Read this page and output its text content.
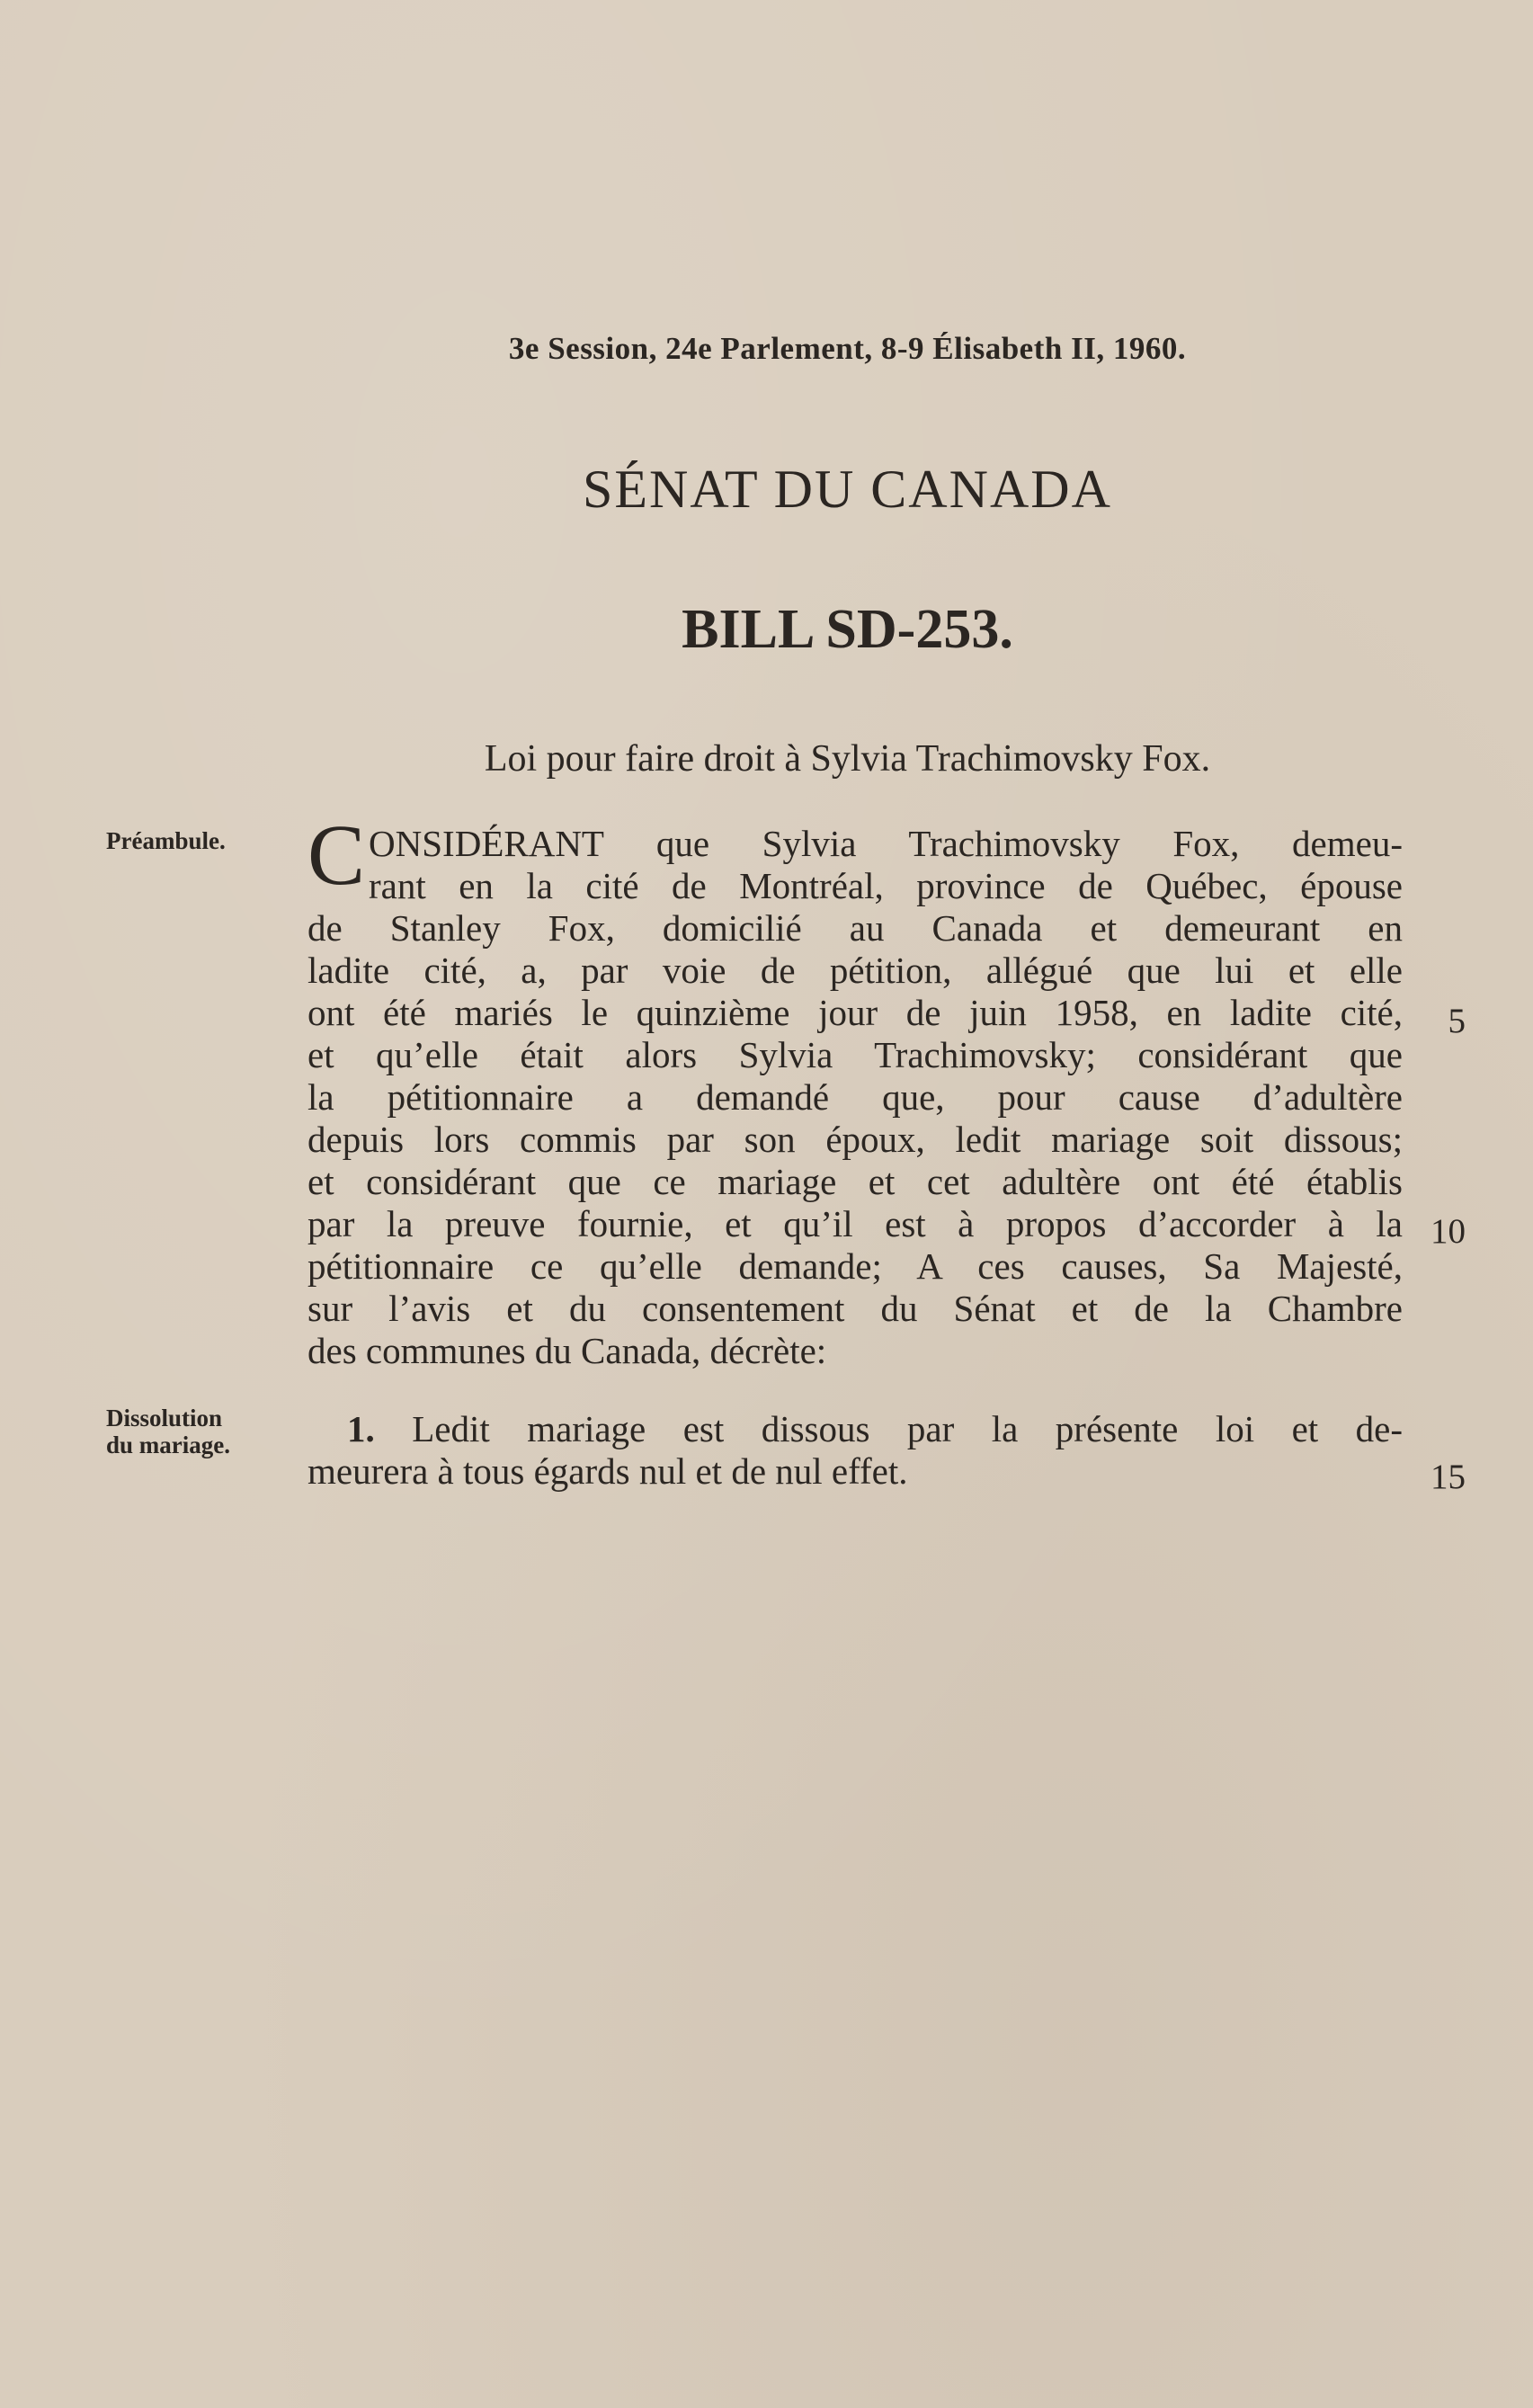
3e Session, 24e Parlement, 8-9 Élisabeth II, 1960.
SÉNAT DU CANADA
BILL SD-253.
Loi pour faire droit à Sylvia Trachimovsky Fox.
Préambule. CONSIDÉRANT que Sylvia Trachimovsky Fox, demeu-
rant en la cité de Montréal, province de Québec, épouse
de Stanley Fox, domicilié au Canada et demeurant en
ladite cité, a, par voie de pétition, allégué que lui et elle
ont été mariés le quinzième jour de juin 1958, en ladite cité,
et qu’elle était alors Sylvia Trachimovsky; considérant que
la pétitionnaire a demandé que, pour cause d’adultère
depuis lors commis par son époux, ledit mariage soit dissous;
et considérant que ce mariage et cet adultère ont été établis
par la preuve fournie, et qu’il est à propos d’accorder à la
pétitionnaire ce qu’elle demande; A ces causes, Sa Majesté,
sur l’avis et du consentement du Sénat et de la Chambre
des communes du Canada, décrète:
Dissolution
du mariage.	1. Ledit mariage est dissous par la présente loi et de-
meurera à tous égards nul et de nul effet.
5
10
15
